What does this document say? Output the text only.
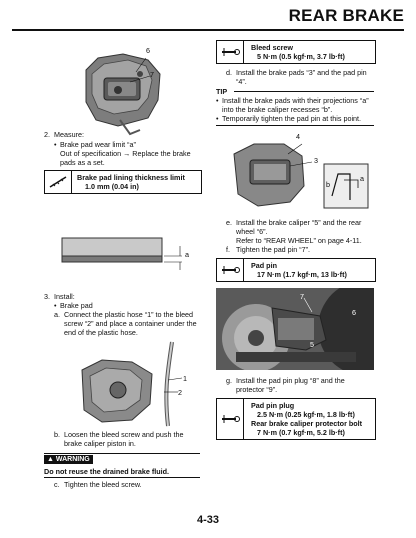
REAR BRAKE
6
7
2. Measure:
• Brake pad wear limit “a”
Out of specification → Replace the brake
pads as a set.
Brake pad lining thickness limit
1.0 mm (0.04 in)
a
3. Install:
• Brake pad
a. Connect the plastic hose “1” to the bleed
screw “2” and place a container under the
end of the plastic hose.
1
2
b. Loosen the bleed screw and push the
brake caliper piston in.
▲ WARNING
Do not reuse the drained brake fluid.
c. Tighten the bleed screw.
Bleed screw
5 N·m (0.5 kgf·m, 3.7 lb·ft)
d. Install the brake pads “3” and the pad pin
“4”.
TIP
• Install the brake pads with their projections “a”
into the brake caliper recesses “b”.
• Temporarily tighten the pad pin at this point.
4
3
a
b
e. Install the brake caliper “5” and the rear
wheel “6”.
Refer to “REAR WHEEL” on page 4-11.
f. Tighten the pad pin “7”.
Pad pin
17 N·m (1.7 kgf·m, 13 lb·ft)
7
6
5
g. Install the pad pin plug “8” and the
protector “9”.
Pad pin plug
2.5 N·m (0.25 kgf·m, 1.8 lb·ft)
Rear brake caliper protector bolt
7 N·m (0.7 kgf·m, 5.2 lb·ft)
4-33
